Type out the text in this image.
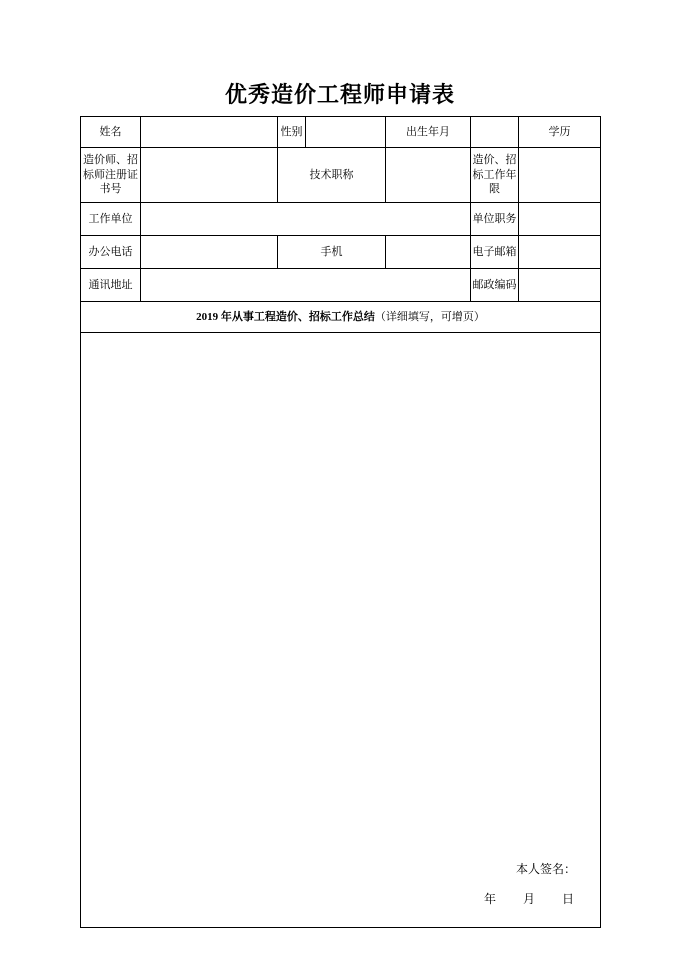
优秀造价工程师申请表
姓名		性别		出生年月		学历	
造价师、招标师注册证书号		技术职称			造价、招标工作年限		
工作单位					单位职务		
办公电话		手机			电子邮箱		
通讯地址					邮政编码		
2019 年从事工程造价、招标工作总结（详细填写，可增页）							

本人签名：
年 月 日							
